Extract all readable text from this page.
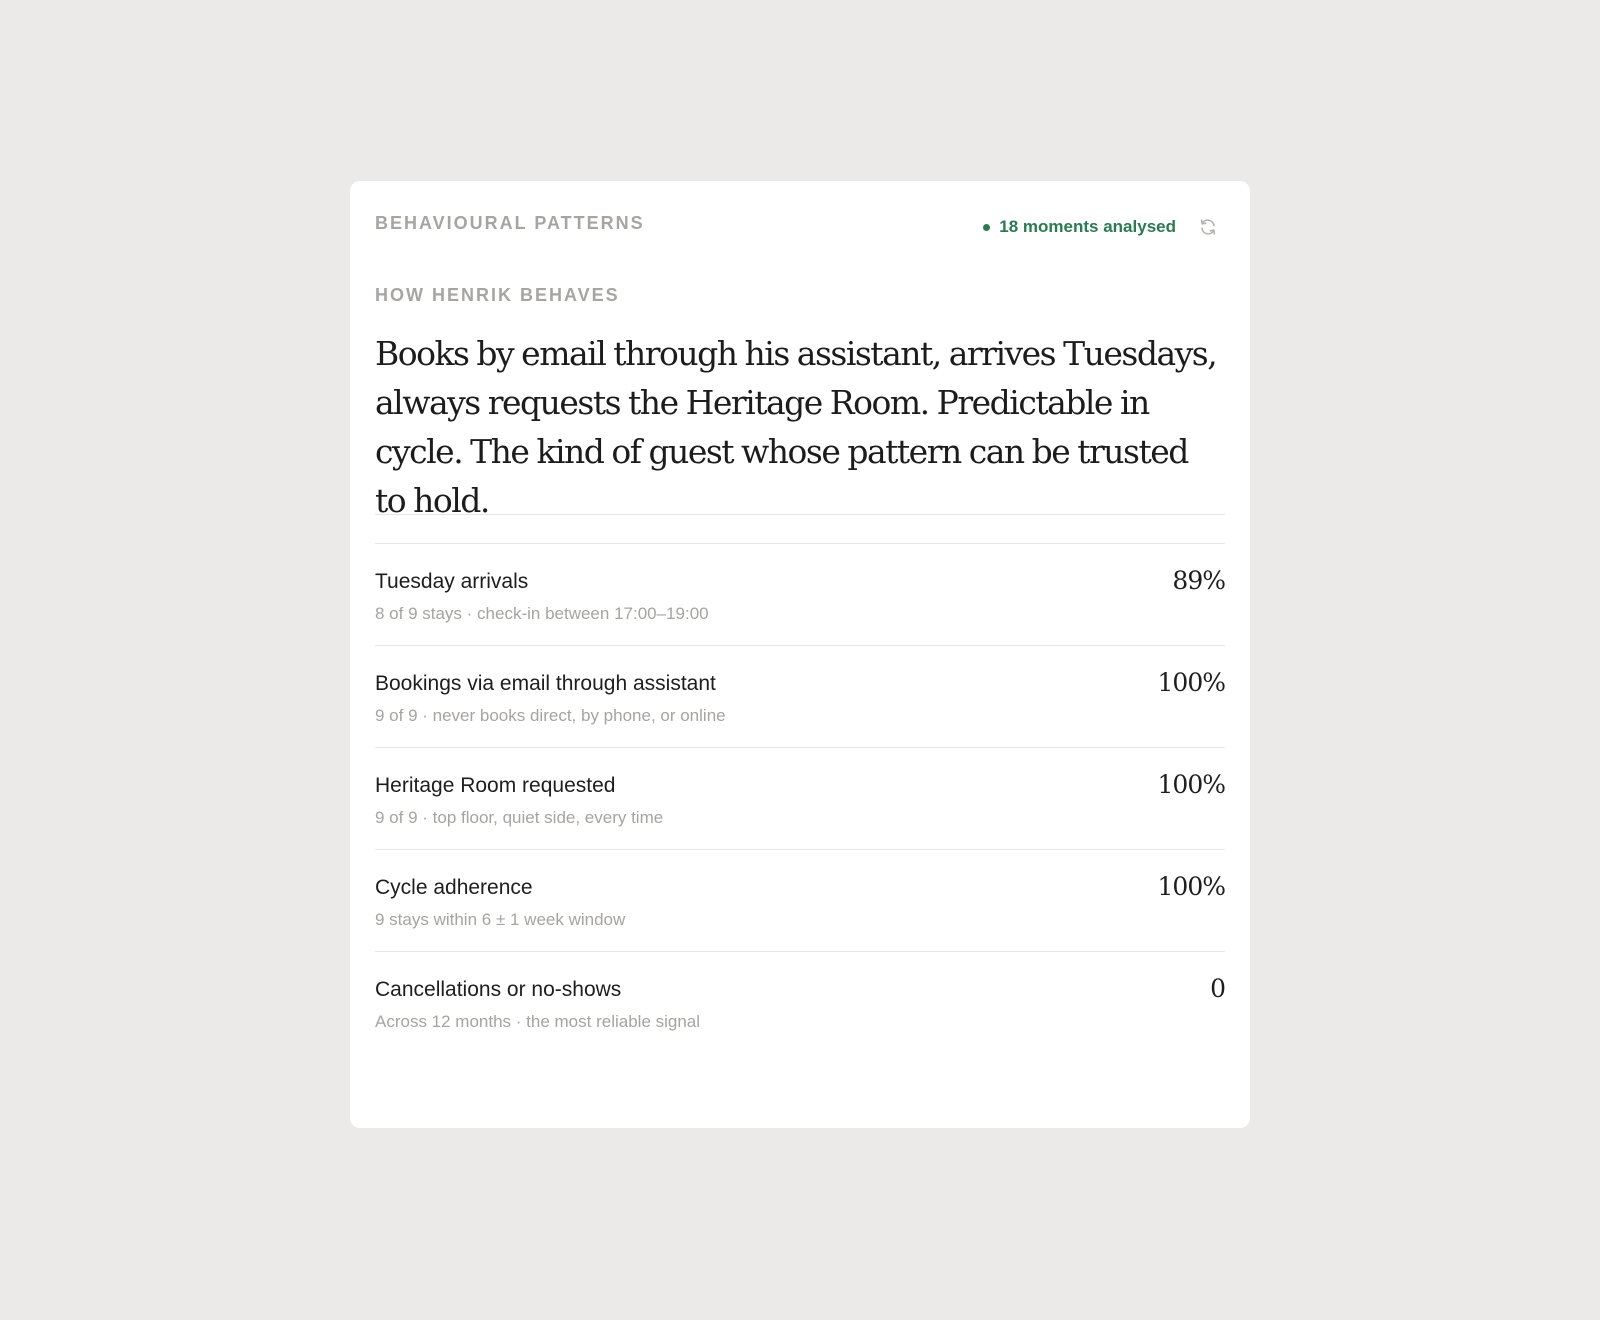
BEHAVIOURAL PATTERNS	18 moments analysed
HOW HENRIK BEHAVES

Books by email through his assistant, arrives Tuesdays, always requests the Heritage Room. Predictable in cycle. The kind of guest whose pattern can be trusted to hold.

Tuesday arrivals
8 of 9 stays · check-in between 17:00–19:00
89%
Bookings via email through assistant
9 of 9 · never books direct, by phone, or online
100%
Heritage Room requested
9 of 9 · top floor, quiet side, every time
100%
Cycle adherence
9 stays within 6 ± 1 week window
100%
Cancellations or no-shows
Across 12 months · the most reliable signal
0
